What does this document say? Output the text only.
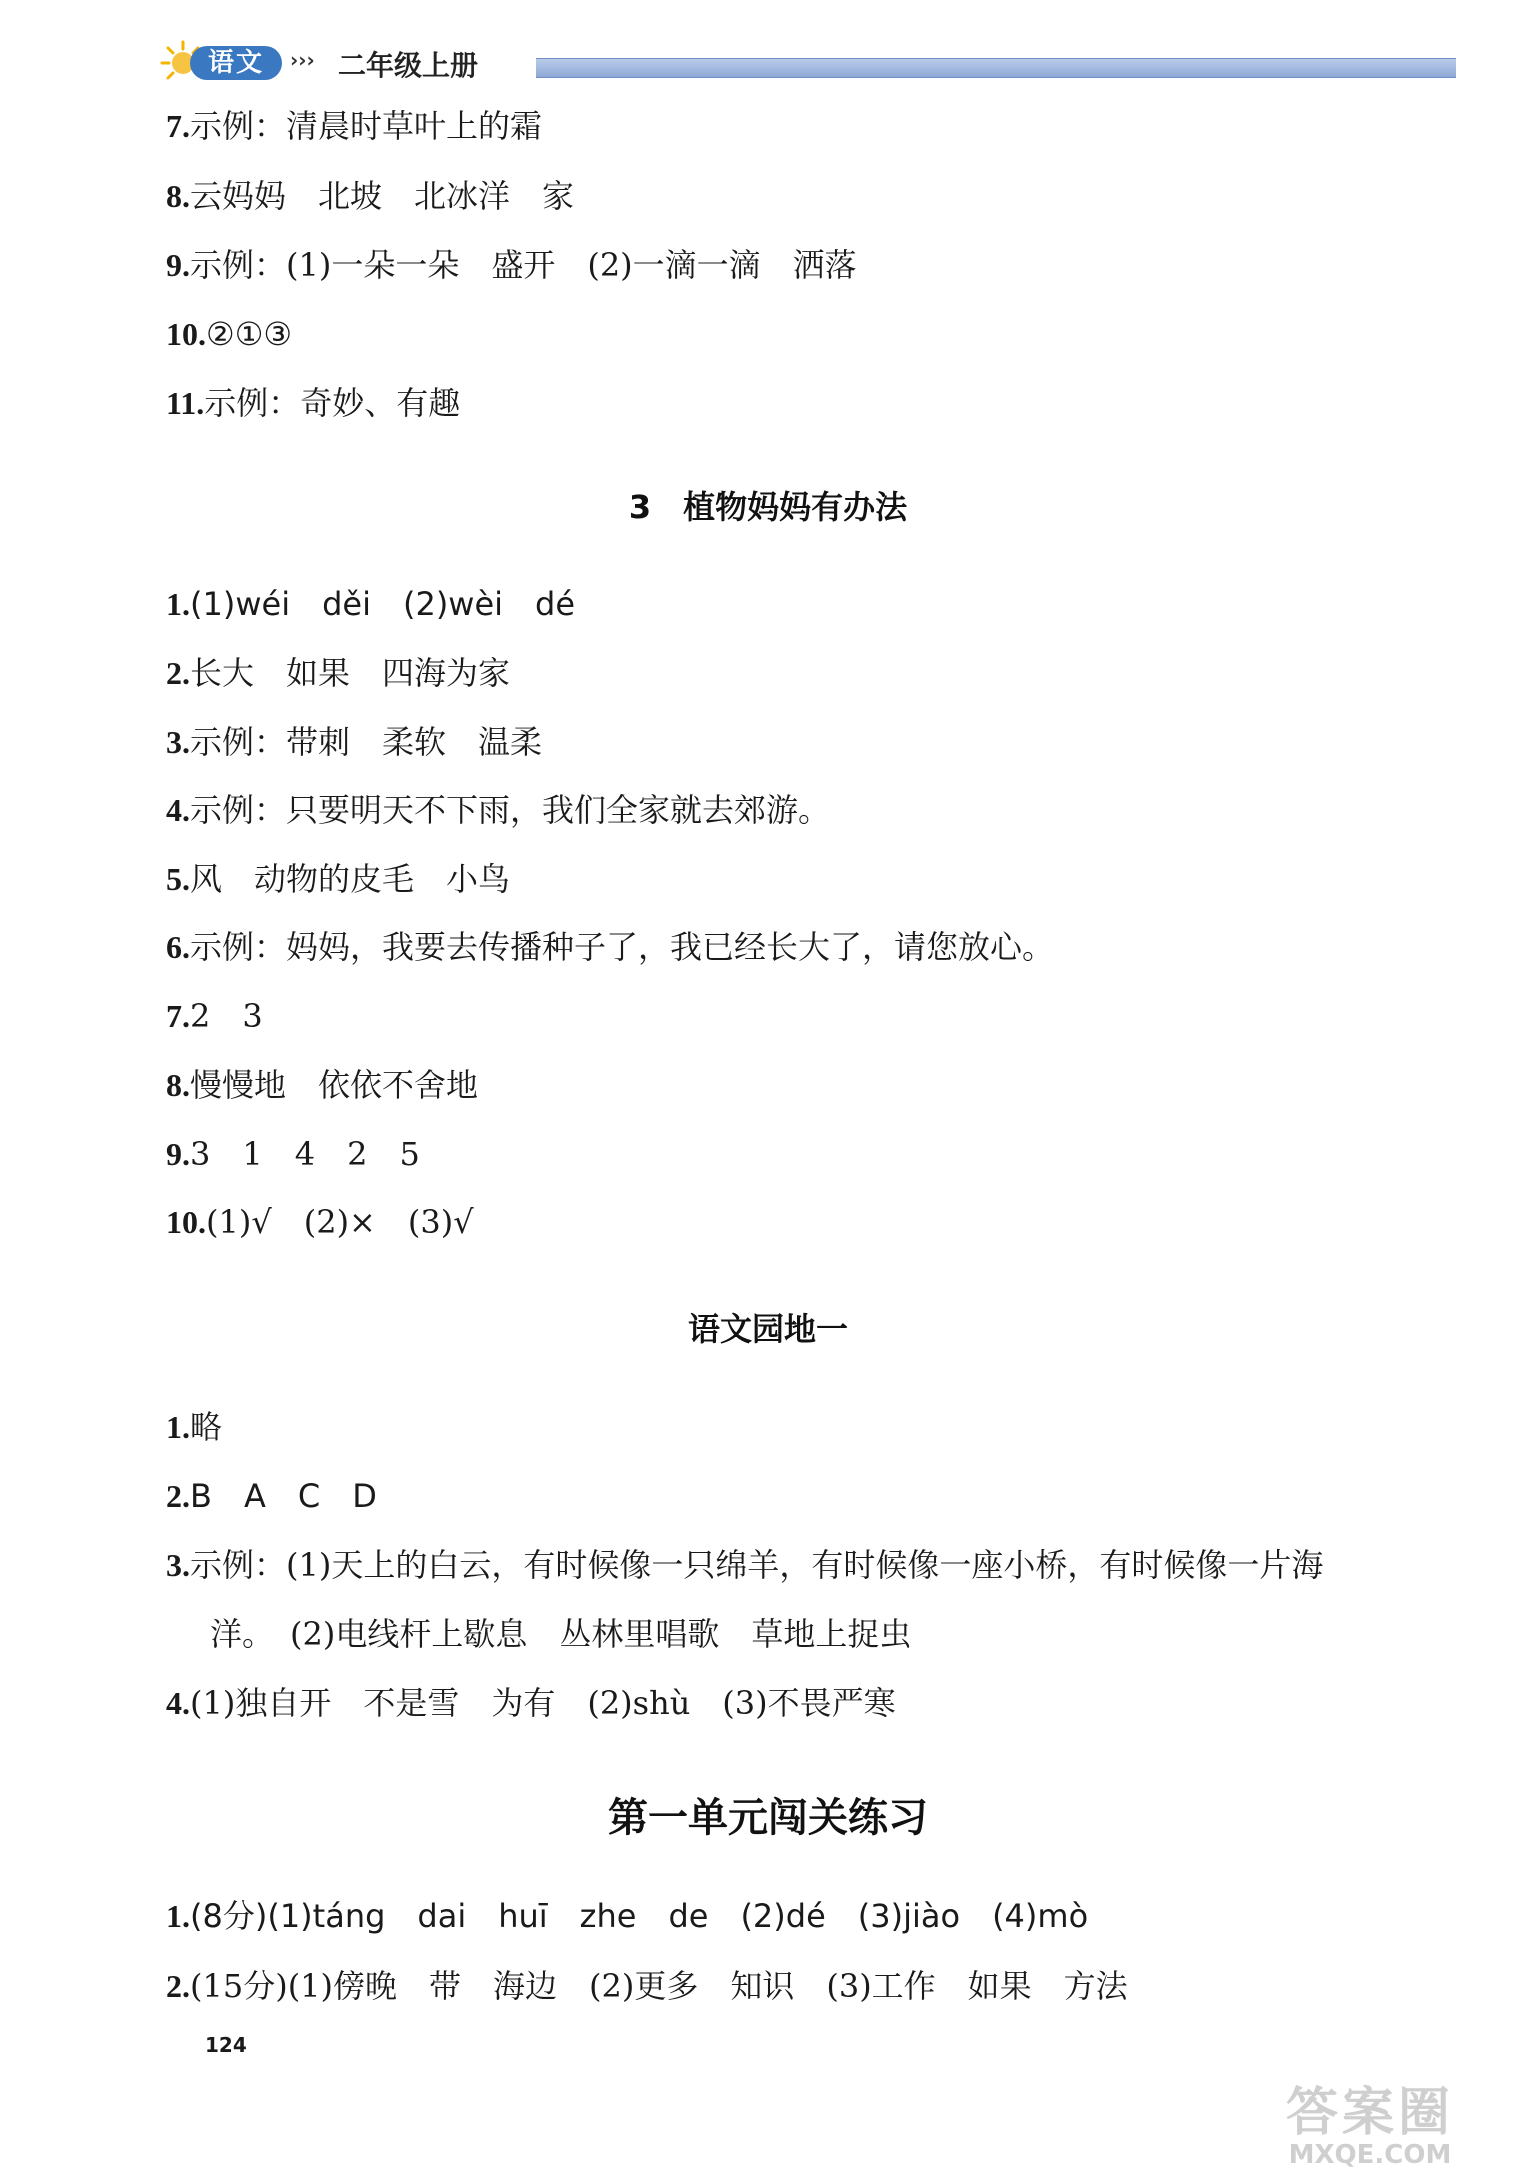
语文	››› 二年级上册
7.示例：清晨时草叶上的霜
8.云妈妈　北坡　北冰洋　家
9.示例：(1)一朵一朵　盛开　(2)一滴一滴　洒落
10.②①③
11.示例：奇妙、有趣
3　植物妈妈有办法
1.(1)wéi　děi　(2)wèi　dé
2.长大　如果　四海为家
3.示例：带刺　柔软　温柔
4.示例：只要明天不下雨，我们全家就去郊游。
5.风　动物的皮毛　小鸟
6.示例：妈妈，我要去传播种子了，我已经长大了，请您放心。
7.2　3
8.慢慢地　依依不舍地
9.3　1　4　2　5
10.(1)√　(2)×　(3)√
语文园地一
1.略
2.B　A　C　D
3.示例：(1)天上的白云，有时候像一只绵羊，有时候像一座小桥，有时候像一片海
洋。　(2)电线杆上歇息　丛林里唱歌　草地上捉虫
4.(1)独自开　不是雪　为有　(2)shù　(3)不畏严寒
第一单元闯关练习
1.(8分)(1)táng　dai　huī　zhe　de　(2)dé　(3)jiào　(4)mò
2.(15分)(1)傍晚　带　海边　(2)更多　知识　(3)工作　如果　方法
124
答案圈
MXQE.COM
